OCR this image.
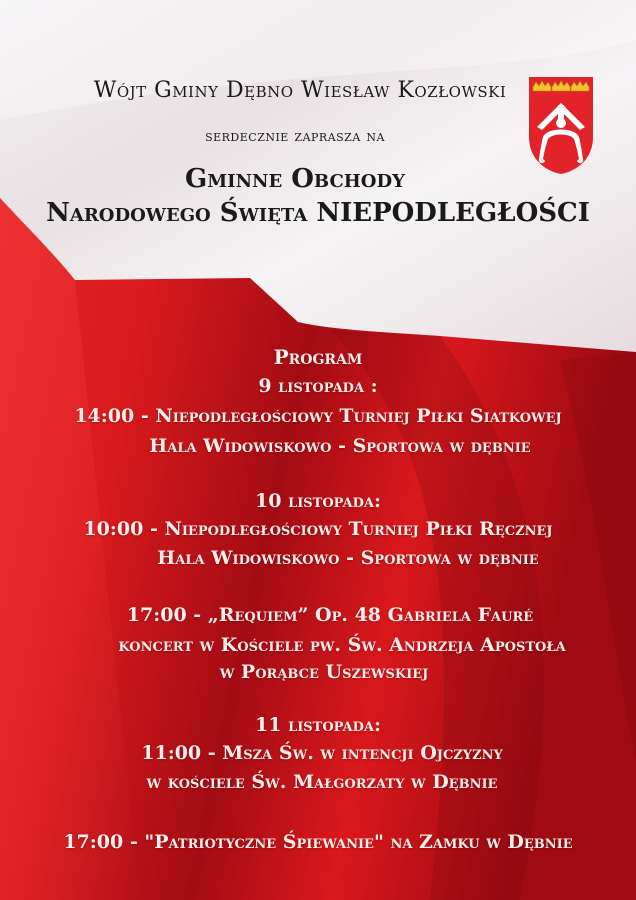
Wójt Gminy Dębno Wiesław Kozłowski
serdecznie zaprasza na
Gminne Obchody
Narodowego Święta NIEPODLEGŁOŚCI
Program
9 listopada :
14:00 - Niepodległościowy Turniej Piłki Siatkowej
Hala Widowiskowo - Sportowa w dębnie
10 listopada:
10:00 - Niepodległościowy Turniej Piłki Ręcznej
Hala Widowiskowo - Sportowa w dębnie
11 listopada:
17:00 - „Requiem” Op. 48 Gabriela Fauré
koncert w Kościele pw. Św. Andrzeja Apostoła
w Porąbce Uszewskiej
11:00 - Msza Św. w intencji Ojczyzny
w kościele Św. Małgorzaty w Dębnie
17:00 - "Patriotyczne Śpiewanie" na Zamku w Dębnie
